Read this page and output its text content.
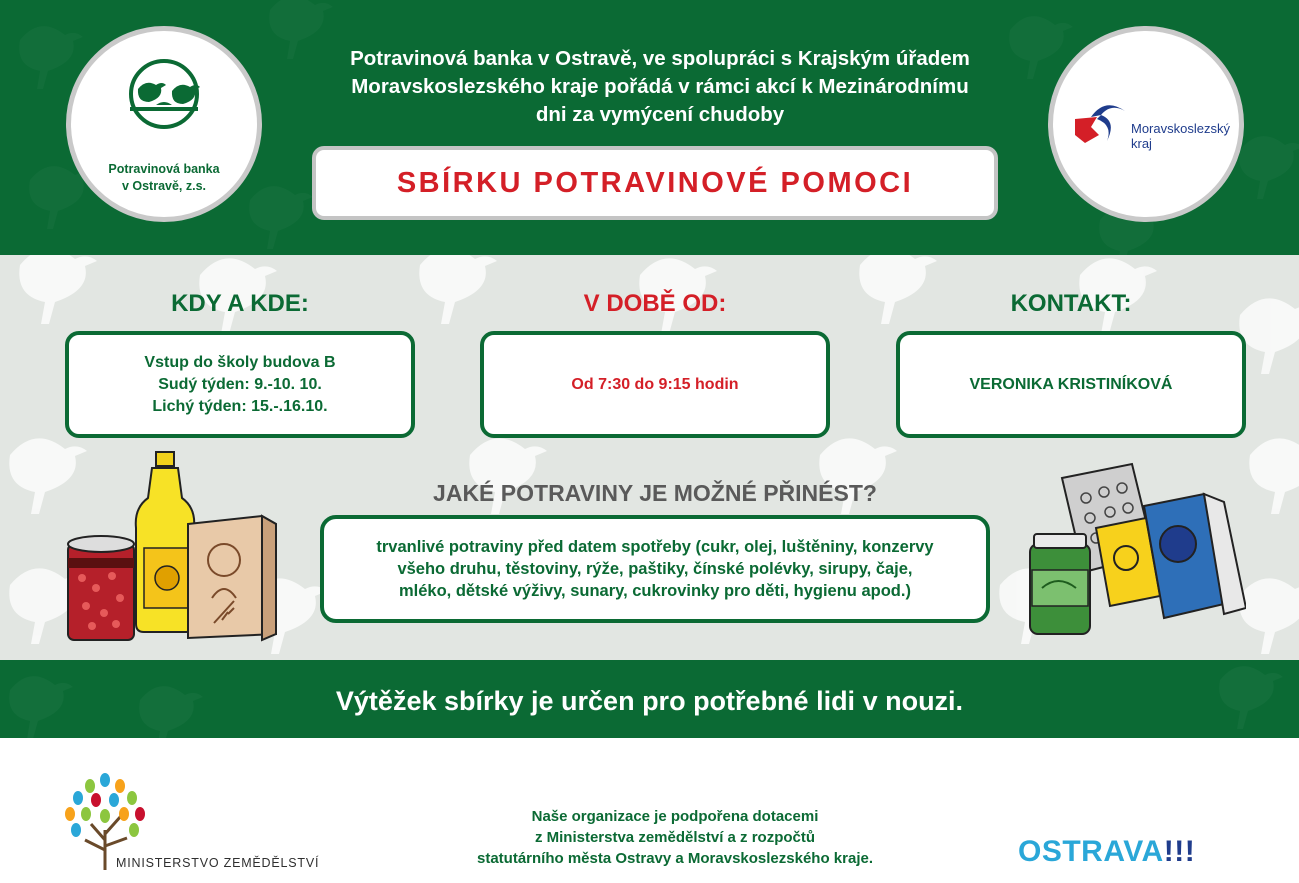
Potravinová banka
v Ostravě, z.s.
Moravskoslezský
kraj
Potravinová banka v Ostravě, ve spolupráci s Krajským úřadem
Moravskoslezského kraje pořádá v rámci akcí k Mezinárodnímu
dni za vymýcení chudoby
SBÍRKU POTRAVINOVÉ POMOCI
KDY A KDE:	V DOBĚ OD:	KONTAKT:
Vstup do školy budova B
Sudý týden: 9.-10. 10.
Lichý týden: 15.-.16.10.
Od 7:30 do 9:15 hodin	VERONIKA KRISTINÍKOVÁ
JAKÉ POTRAVINY JE MOŽNÉ PŘINÉST?
trvanlivé potraviny před datem spotřeby (cukr, olej, luštěniny, konzervy
všeho druhu, těstoviny, rýže, paštiky, čínské polévky, sirupy, čaje,
mléko, dětské výživy, sunary, cukrovinky pro děti, hygienu apod.)
Výtěžek sbírky je určen pro potřebné lidi v nouzi.
MINISTERSTVO ZEMĚDĚLSTVÍ
Naše organizace je podpořena dotacemi
z Ministerstva zemědělství a z rozpočtů
statutárního města Ostravy a Moravskoslezského kraje.	OSTRAVA!!!
